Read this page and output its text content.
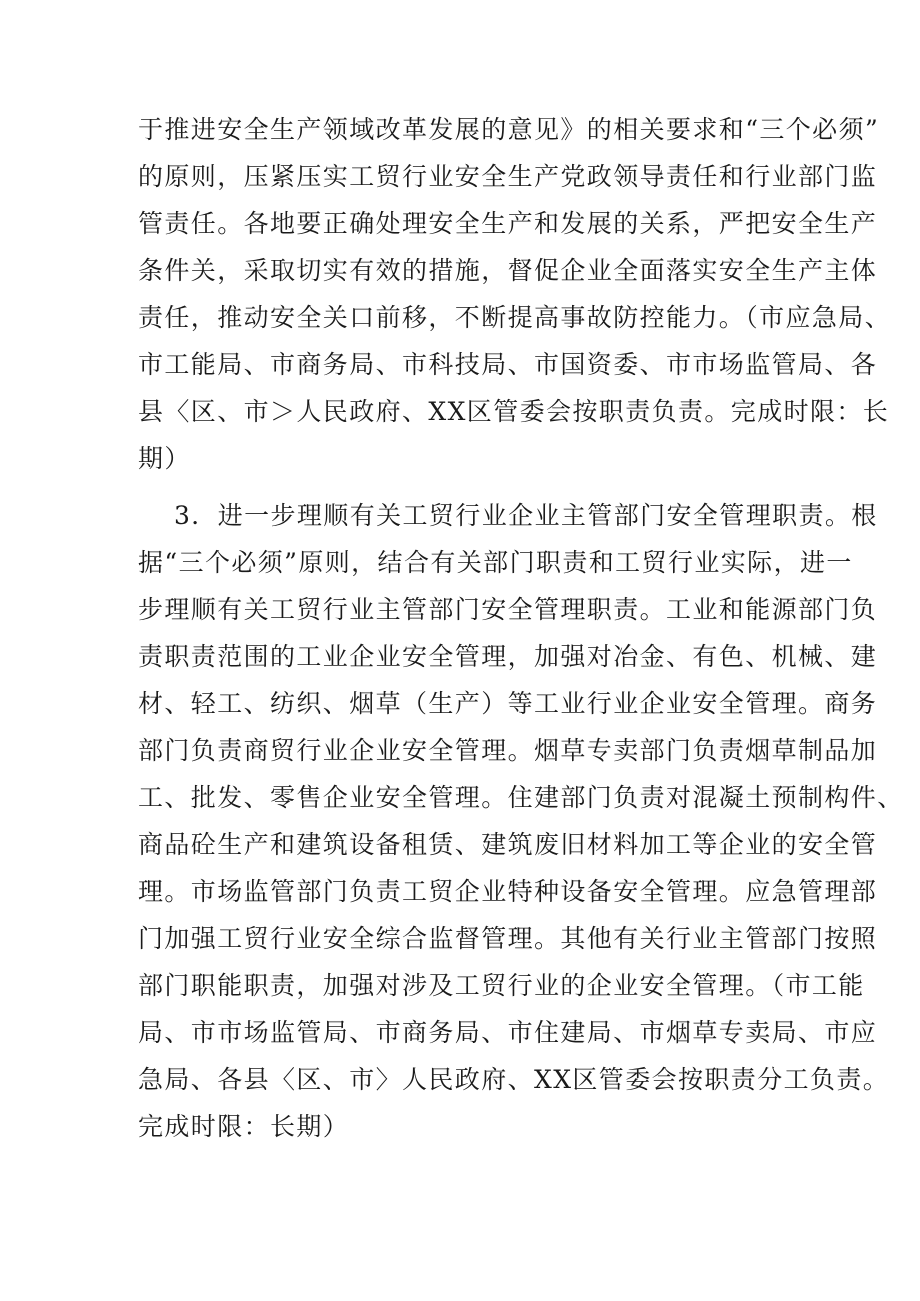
于推进安全生产领域改革发展的意见》的相关要求和“三个必须”
的原则，压紧压实工贸行业安全生产党政领导责任和行业部门监
管责任。各地要正确处理安全生产和发展的关系，严把安全生产
条件关，采取切实有效的措施，督促企业全面落实安全生产主体
责任，推动安全关口前移，不断提高事故防控能力。（市应急局、
市工能局、市商务局、市科技局、市国资委、市市场监管局、各
县〈区、市＞人民政府、XX区管委会按职责负责。完成时限：长
期）
3．进一步理顺有关工贸行业企业主管部门安全管理职责。根
据“三个必须”原则，结合有关部门职责和工贸行业实际，进一
步理顺有关工贸行业主管部门安全管理职责。工业和能源部门负
责职责范围的工业企业安全管理，加强对冶金、有色、机械、建
材、轻工、纺织、烟草（生产）等工业行业企业安全管理。商务
部门负责商贸行业企业安全管理。烟草专卖部门负责烟草制品加
工、批发、零售企业安全管理。住建部门负责对混凝土预制构件、
商品砼生产和建筑设备租赁、建筑废旧材料加工等企业的安全管
理。市场监管部门负责工贸企业特种设备安全管理。应急管理部
门加强工贸行业安全综合监督管理。其他有关行业主管部门按照
部门职能职责，加强对涉及工贸行业的企业安全管理。（市工能
局、市市场监管局、市商务局、市住建局、市烟草专卖局、市应
急局、各县〈区、市〉人民政府、XX区管委会按职责分工负责。
完成时限：长期）
